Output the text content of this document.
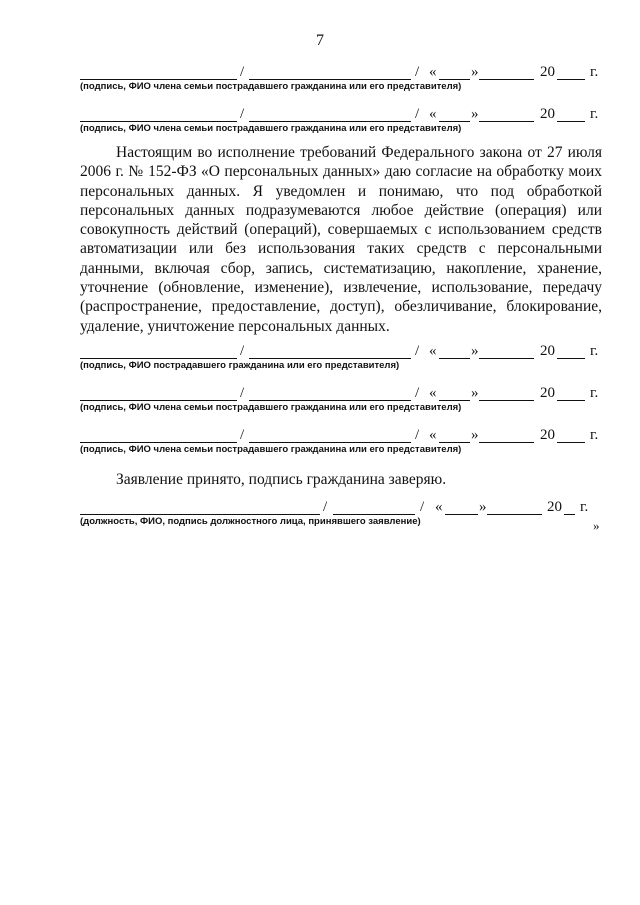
7
/	/ « »	20 г.
(подпись, ФИО члена семьи пострадавшего гражданина или его представителя)
/	/ « »	20 г.
(подпись, ФИО члена семьи пострадавшего гражданина или его представителя)

Настоящим во исполнение требований Федерального закона от 27 июля 2006 г. № 152-ФЗ «О персональных данных» даю согласие на обработку моих персональных данных. Я уведомлен и понимаю, что под обработкой персональных данных подразумеваются любое действие (операция) или совокупность действий (операций), совершаемых с использованием средств автоматизации или без использования таких средств с персональными данными, включая сбор, запись, систематизацию, накопление, хранение, уточнение (обновление, изменение), извлечение, использование, передачу (распространение, предоставление, доступ), обезличивание, блокирование, удаление, уничтожение персональных данных.

/	/ « »	20 г.
(подпись, ФИО пострадавшего гражданина или его представителя)
/	/ « »	20 г.
(подпись, ФИО члена семьи пострадавшего гражданина или его представителя)
/	/ « »	20 г.
(подпись, ФИО члена семьи пострадавшего гражданина или его представителя)

Заявление принято, подпись гражданина заверяю.

/	/ « »	20 г.
(должность, ФИО, подпись должностного лица, принявшего заявление)	»
